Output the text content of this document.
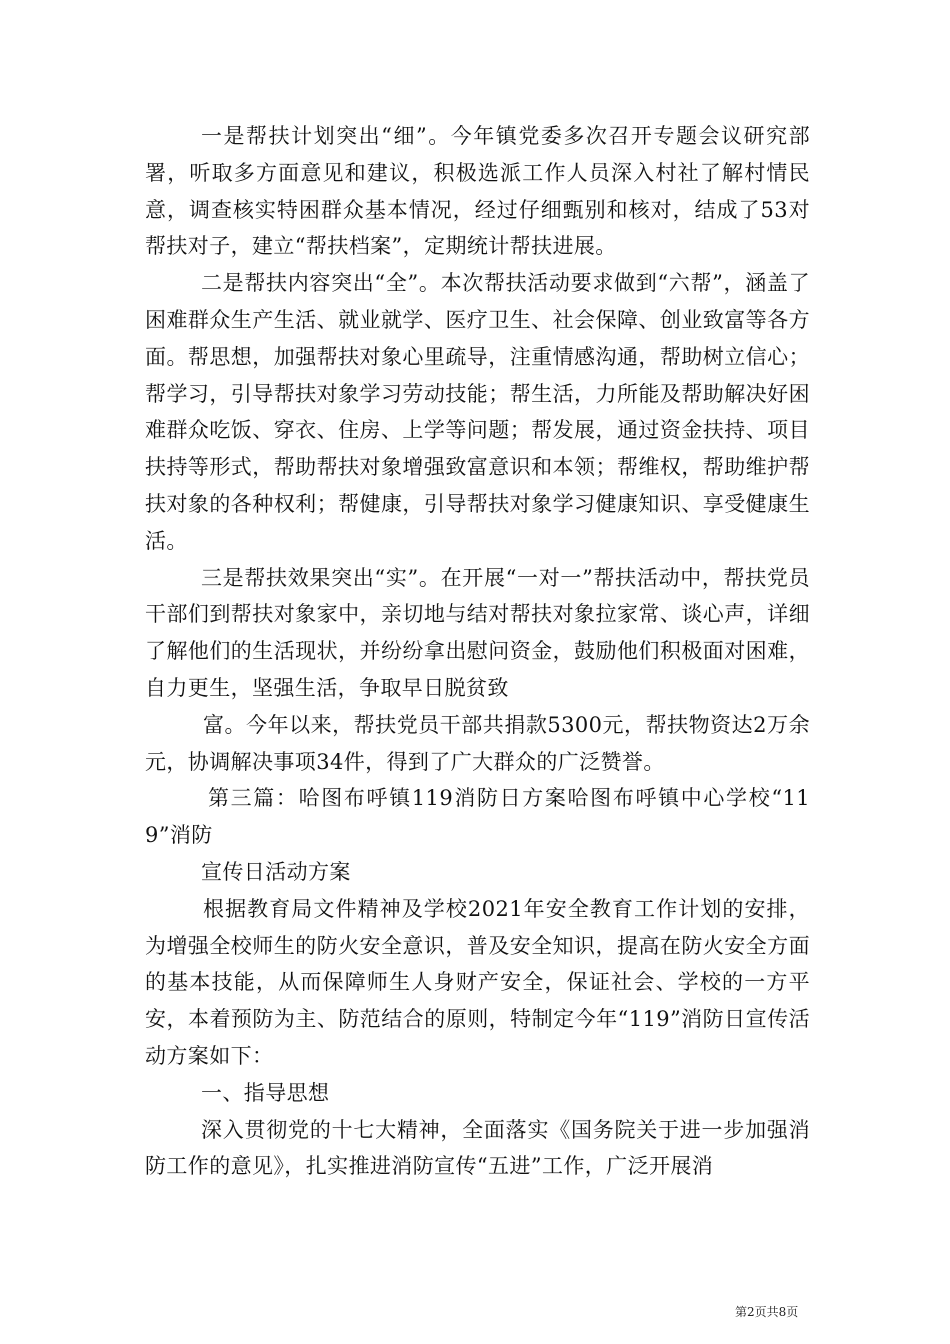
一是帮扶计划突出“细”。今年镇党委多次召开专题会议研究部署，听取多方面意见和建议，积极选派工作人员深入村社了解村情民意，调查核实特困群众基本情况，经过仔细甄别和核对，结成了53对帮扶对子，建立“帮扶档案”，定期统计帮扶进展。

二是帮扶内容突出“全”。本次帮扶活动要求做到“六帮”，涵盖了困难群众生产生活、就业就学、医疗卫生、社会保障、创业致富等各方面。帮思想，加强帮扶对象心里疏导，注重情感沟通，帮助树立信心；帮学习，引导帮扶对象学习劳动技能；帮生活，力所能及帮助解决好困难群众吃饭、穿衣、住房、上学等问题；帮发展，通过资金扶持、项目扶持等形式，帮助帮扶对象增强致富意识和本领；帮维权，帮助维护帮扶对象的各种权利；帮健康，引导帮扶对象学习健康知识、享受健康生活。

三是帮扶效果突出“实”。在开展“一对一”帮扶活动中，帮扶党员干部们到帮扶对象家中，亲切地与结对帮扶对象拉家常、谈心声，详细了解他们的生活现状，并纷纷拿出慰问资金，鼓励他们积极面对困难，自力更生，坚强生活，争取早日脱贫致

富。今年以来，帮扶党员干部共捐款5300元，帮扶物资达2万余元，协调解决事项34件，得到了广大群众的广泛赞誉。

第三篇：哈图布呼镇119消防日方案哈图布呼镇中心学校“119”消防

宣传日活动方案

根据教育局文件精神及学校2021年安全教育工作计划的安排，为增强全校师生的防火安全意识，普及安全知识，提高在防火安全方面的基本技能，从而保障师生人身财产安全，保证社会、学校的一方平安，本着预防为主、防范结合的原则，特制定今年“119”消防日宣传活动方案如下：

一、指导思想

深入贯彻党的十七大精神，全面落实《国务院关于进一步加强消防工作的意见》，扎实推进消防宣传“五进”工作，广泛开展消

第2页共8页
